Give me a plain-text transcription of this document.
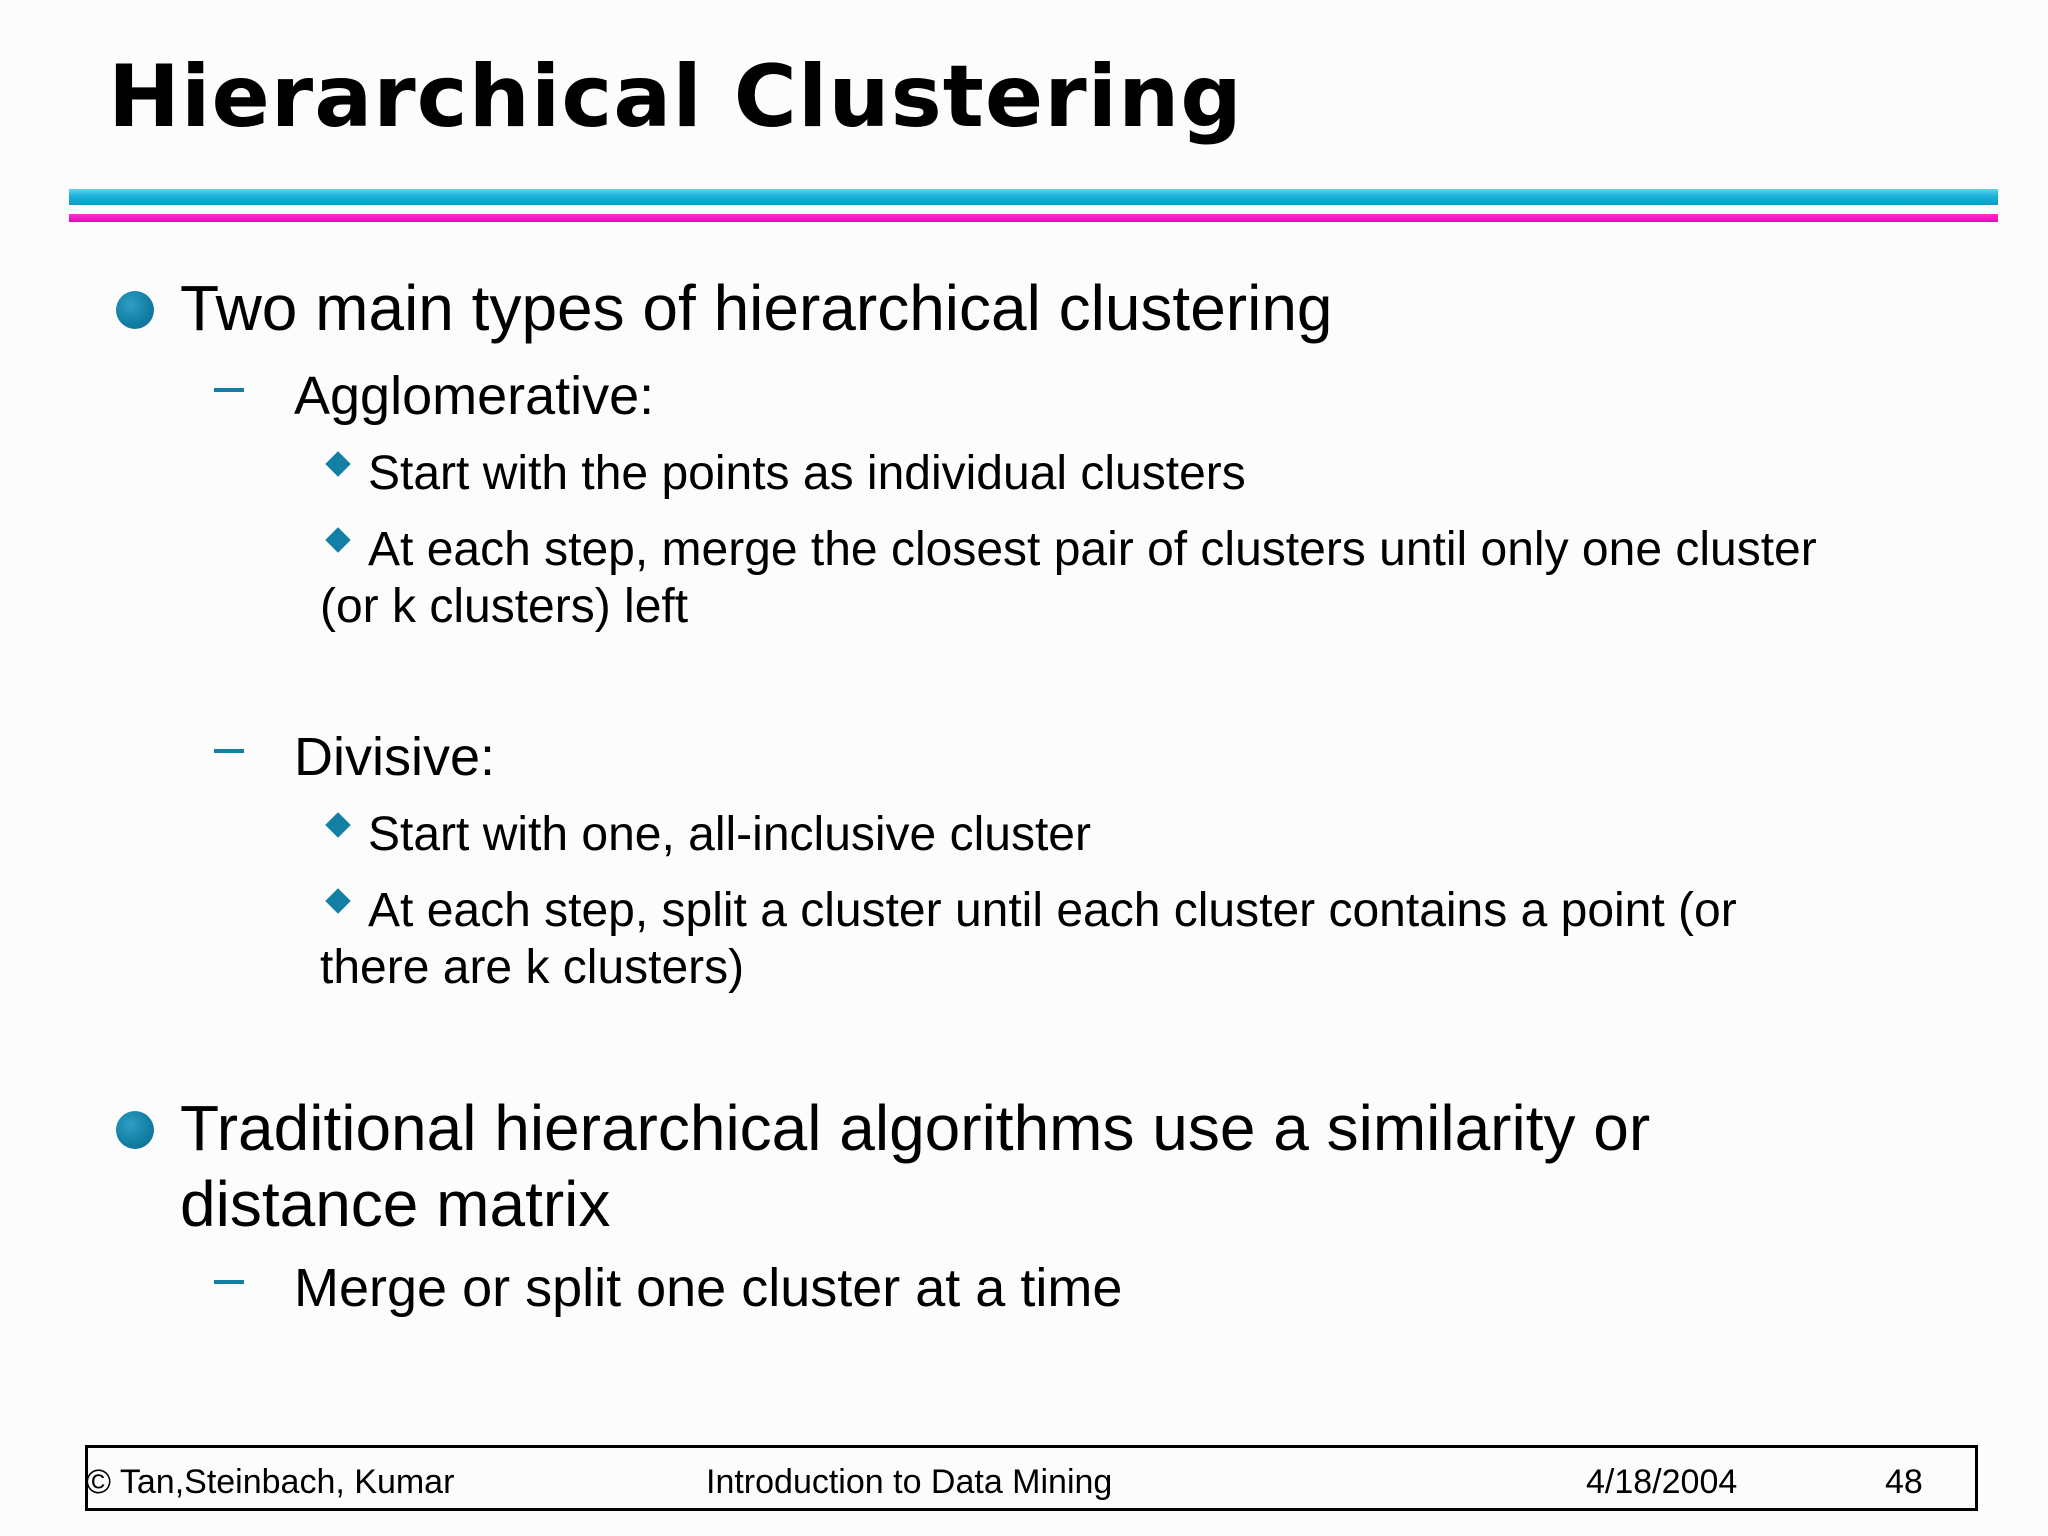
Hierarchical Clustering
Two main types of hierarchical clustering
Agglomerative:
Start with the points as individual clusters
At each step, merge the closest pair of clusters until only one cluster
(or k clusters) left
Divisive:
Start with one, all-inclusive cluster
At each step, split a cluster until each cluster contains a point (or
there are k clusters)
Traditional hierarchical algorithms use a similarity or
distance matrix
Merge or split one cluster at a time
© Tan,Steinbach, Kumar	Introduction to Data Mining	4/18/2004	48
